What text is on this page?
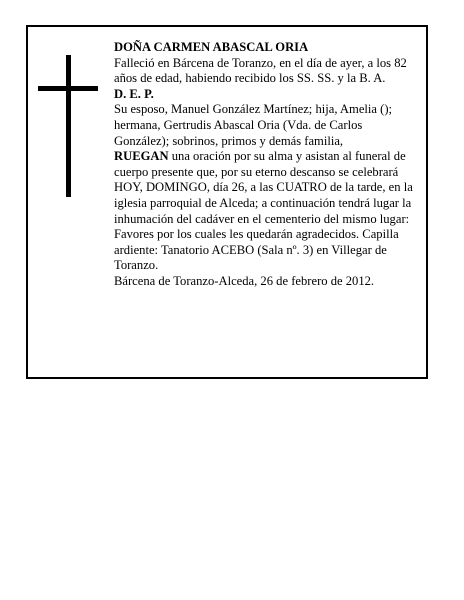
DOÑA CARMEN ABASCAL ORIA

Falleció en Bárcena de Toranzo, en el día de ayer, a los 82 años de edad, habiendo recibido los SS. SS. y la B. A.

D. E. P.

Su esposo, Manuel González Martínez; hija, Amelia (); hermana, Gertrudis Abascal Oria (Vda. de Carlos González); sobrinos, primos y demás familia,

RUEGAN una oración por su alma y asistan al funeral de cuerpo presente que, por su eterno descanso se celebrará HOY, DOMINGO, día 26, a las CUATRO de la tarde, en la iglesia parroquial de Alceda; a continuación tendrá lugar la inhumación del cadáver en el cementerio del mismo lugar: Favores por los cuales les quedarán agradecidos. Capilla ardiente: Tanatorio ACEBO (Sala nº. 3) en Villegar de Toranzo.

Bárcena de Toranzo-Alceda, 26 de febrero de 2012.
